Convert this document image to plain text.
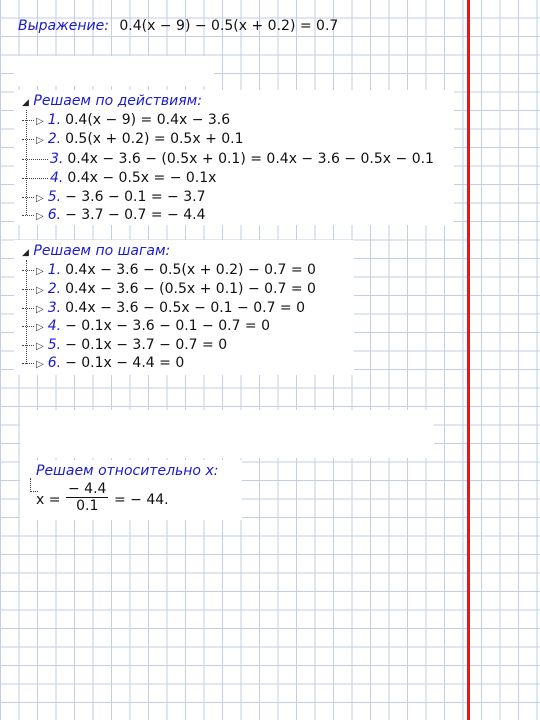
Выражение: 0.4(x − 9) − 0.5(x + 0.2) = 0.7
◢ Решаем по действиям:
▷ 1. 0.4(x − 9) = 0.4x − 3.6
▷ 2. 0.5(x + 0.2) = 0.5x + 0.1
3. 0.4x − 3.6 − (0.5x + 0.1) = 0.4x − 3.6 − 0.5x − 0.1
4. 0.4x − 0.5x = − 0.1x
▷ 5. − 3.6 − 0.1 = − 3.7
▷ 6. − 3.7 − 0.7 = − 4.4
◢ Решаем по шагам:
▷ 1. 0.4x − 3.6 − 0.5(x + 0.2) − 0.7 = 0
▷ 2. 0.4x − 3.6 − (0.5x + 0.1) − 0.7 = 0
▷ 3. 0.4x − 3.6 − 0.5x − 0.1 − 0.7 = 0
▷ 4. − 0.1x − 3.6 − 0.1 − 0.7 = 0
▷ 5. − 0.1x − 3.7 − 0.7 = 0
▷ 6. − 0.1x − 4.4 = 0
Решаем относительно x:
$x = \frac{- 4.4}{0.1}$ = − 44.
